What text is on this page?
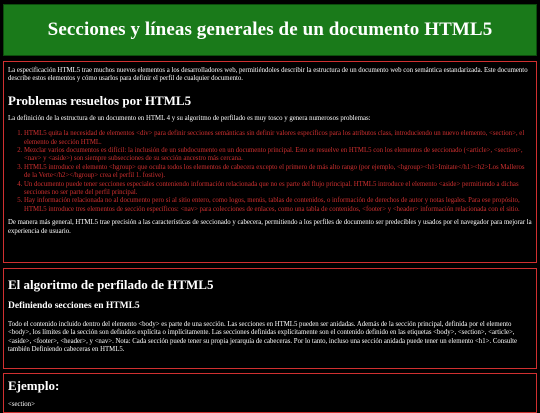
Secciones y líneas generales de un documento HTML5

La especificación HTML5 trae muchos nuevos elementos a los desarrolladores web, permitiéndoles describir la estructura de un documento web con semántica estandarizada. Este documento describe estos elementos y cómo usarlos para definir el perfil de cualquier documento.

Problemas resueltos por HTML5

La definición de la estructura de un documento en HTML 4 y su algoritmo de perfilado es muy tosco y genera numerosos problemas:

1. HTML5 quita la necesidad de elementos <div> para definir secciones semánticas sin definir valores específicos para los atributos class, introduciendo un nuevo elemento, <section>, el elemento de sección HTML.
2. Mezclar varios documentos es difícil: la inclusión de un subdocumento en un documento principal. Esto se resuelve en HTML5 con los elementos de seccionado (<article>, <section>, <nav> y <aside>) son siempre subsecciones de su sección ancestro más cercana.
3. HTML5 introduce el elemento <hgroup> que oculta todos los elementos de cabecera excepto el primero de más alto rango (por ejemplo, <hgroup><h1>Imitate</h1><h2>Los Malleros de la Verte</h2></hgroup> crea el perfil 1. fostive).
4. Un documento puede tener secciones especiales conteniendo información relacionada que no es parte del flujo principal. HTML5 introduce el elemento <aside> permitiendo a dichas secciones no ser parte del perfil principal.
5. Hay información relacionada no al documento pero sí al sitio entero, como logos, menús, tablas de contenidos, o información de derechos de autor y notas legales. Para ese propósito, HTML5 introduce tres elementos de sección específicos: <nav> para colecciones de enlaces, como una tabla de contenidos, <footer> y <header> información relacionada con el sitio.

De manera más general, HTML5 trae precisión a las características de seccionado y cabecera, permitiendo a los perfiles de documento ser predecibles y usados por el navegador para mejorar la experiencia de usuario.

El algoritmo de perfilado de HTML5
Definiendo secciones en HTML5

Todo el contenido incluido dentro del elemento <body> es parte de una sección. Las secciones en HTML5 pueden ser anidadas. Además de la sección principal, definida por el elemento <body>, los límites de la sección son definidos explícita o implícitamente. Las secciones definidas explícitamente son el contenido definido en las etiquetas <body>, <section>, <article>, <aside>, <footer>, <header>, y <nav>. Nota: Cada sección puede tener su propia jerarquía de cabeceras. Por lo tanto, incluso una sección anidada puede tener un elemento <h1>. Consulte también Definiendo cabeceras en HTML5.

Ejemplo:
<section>
